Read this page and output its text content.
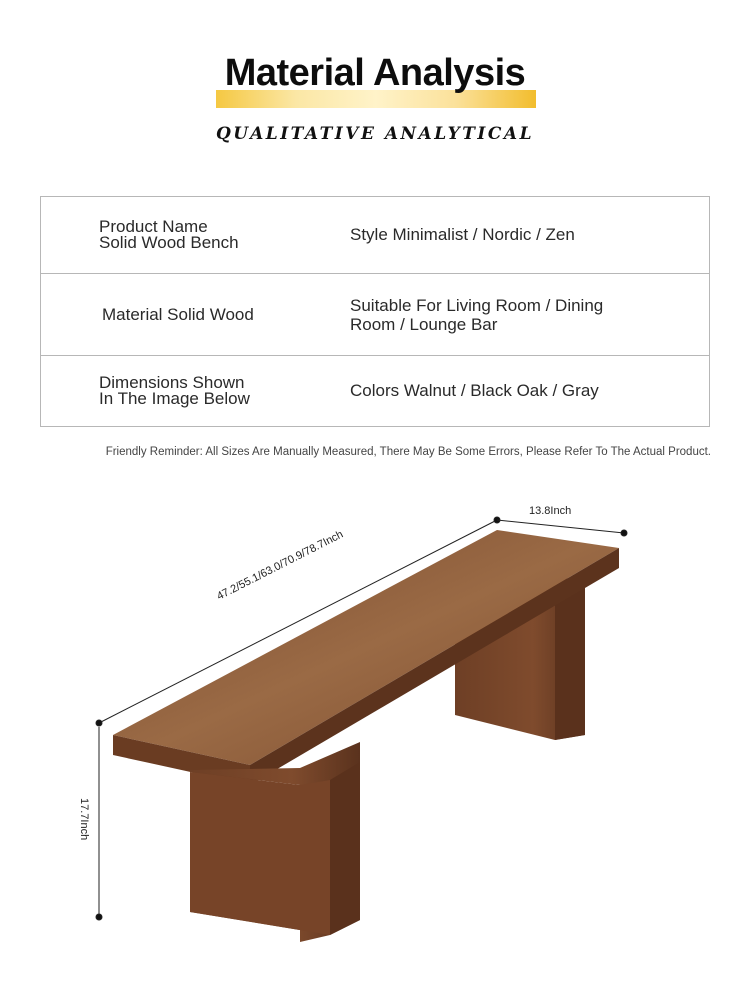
Material Analysis
QUALITATIVE ANALYTICAL
Product Name
Solid Wood Bench	Style Minimalist / Nordic / Zen

Material Solid Wood	Suitable For Living Room / Dining
Room / Lounge Bar

Dimensions Shown
In The Image Below	Colors Walnut / Black Oak / Gray
Friendly Reminder: All Sizes Are Manually Measured, There May Be Some Errors, Please Refer To The Actual Product.
13.8Inch
47.2/55.1/63.0/70.9/78.7Inch
17.7Inch
